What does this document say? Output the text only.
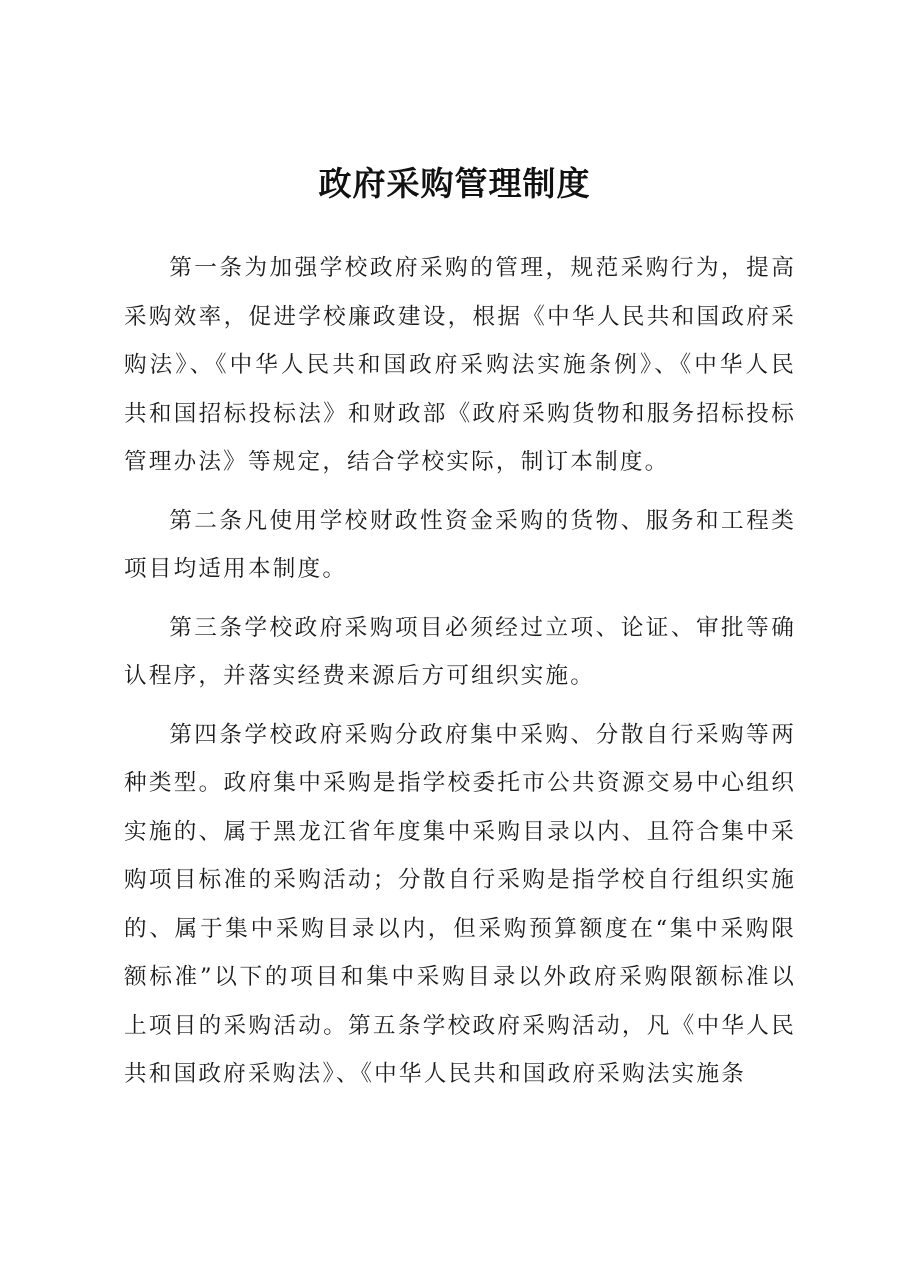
政府采购管理制度

第一条为加强学校政府采购的管理，规范采购行为，提高采购效率，促进学校廉政建设，根据《中华人民共和国政府采购法》、《中华人民共和国政府采购法实施条例》、《中华人民共和国招标投标法》和财政部《政府采购货物和服务招标投标管理办法》等规定，结合学校实际，制订本制度。

第二条凡使用学校财政性资金采购的货物、服务和工程类项目均适用本制度。

第三条学校政府采购项目必须经过立项、论证、审批等确认程序，并落实经费来源后方可组织实施。

第四条学校政府采购分政府集中采购、分散自行采购等两种类型。政府集中采购是指学校委托市公共资源交易中心组织实施的、属于黑龙江省年度集中采购目录以内、且符合集中采购项目标准的采购活动；分散自行采购是指学校自行组织实施的、属于集中采购目录以内，但采购预算额度在“集中采购限额标准”以下的项目和集中采购目录以外政府采购限额标准以上项目的采购活动。第五条学校政府采购活动，凡《中华人民共和国政府采购法》、《中华人民共和国政府采购法实施条
